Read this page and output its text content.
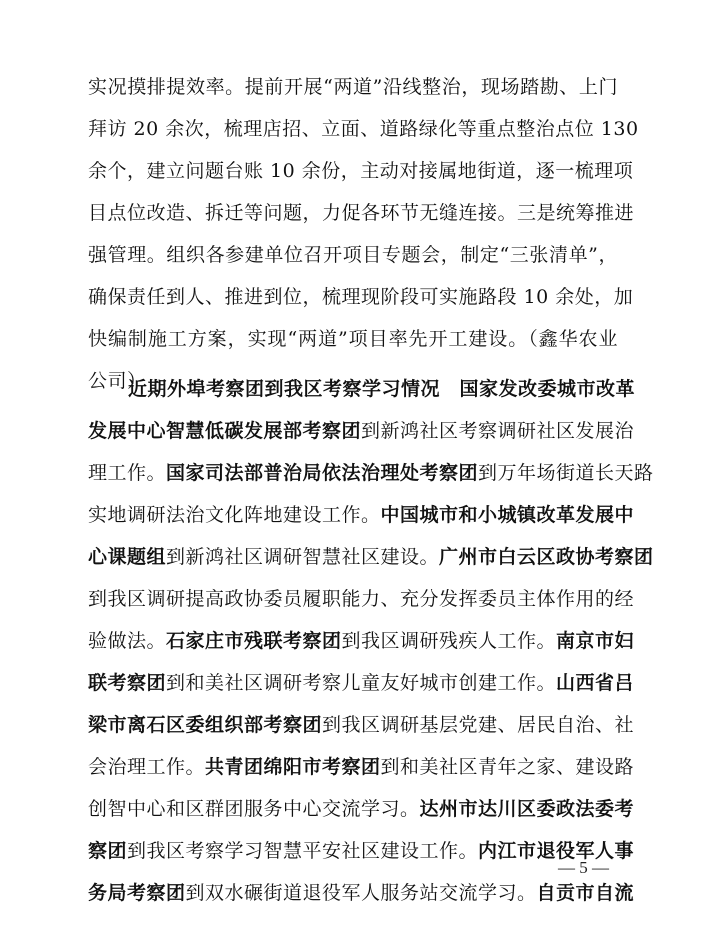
实况摸排提效率。提前开展“两道”沿线整治，现场踏勘、上门
拜访 20 余次，梳理店招、立面、道路绿化等重点整治点位 130
余个，建立问题台账 10 余份，主动对接属地街道，逐一梳理项
目点位改造、拆迁等问题，力促各环节无缝连接。三是统筹推进
强管理。组织各参建单位召开项目专题会，制定“三张清单”，
确保责任到人、推进到位，梳理现阶段可实施路段 10 余处，加
快编制施工方案，实现“两道”项目率先开工建设。（鑫华农业
公司）
近期外埠考察团到我区考察学习情况　 国家发改委城市改革
发展中心智慧低碳发展部考察团到新鸿社区考察调研社区发展治
理工作。国家司法部普治局依法治理处考察团到万年场街道长天路
实地调研法治文化阵地建设工作。中国城市和小城镇改革发展中
心课题组到新鸿社区调研智慧社区建设。广州市白云区政协考察团
到我区调研提高政协委员履职能力、充分发挥委员主体作用的经
验做法。石家庄市残联考察团到我区调研残疾人工作。南京市妇
联考察团到和美社区调研考察儿童友好城市创建工作。山西省吕
梁市离石区委组织部考察团到我区调研基层党建、居民自治、社
会治理工作。共青团绵阳市考察团到和美社区青年之家、建设路
创智中心和区群团服务中心交流学习。达州市达川区委政法委考
察团到我区考察学习智慧平安社区建设工作。内江市退役军人事
务局考察团到双水碾街道退役军人服务站交流学习。自贡市自流
— 5 —
